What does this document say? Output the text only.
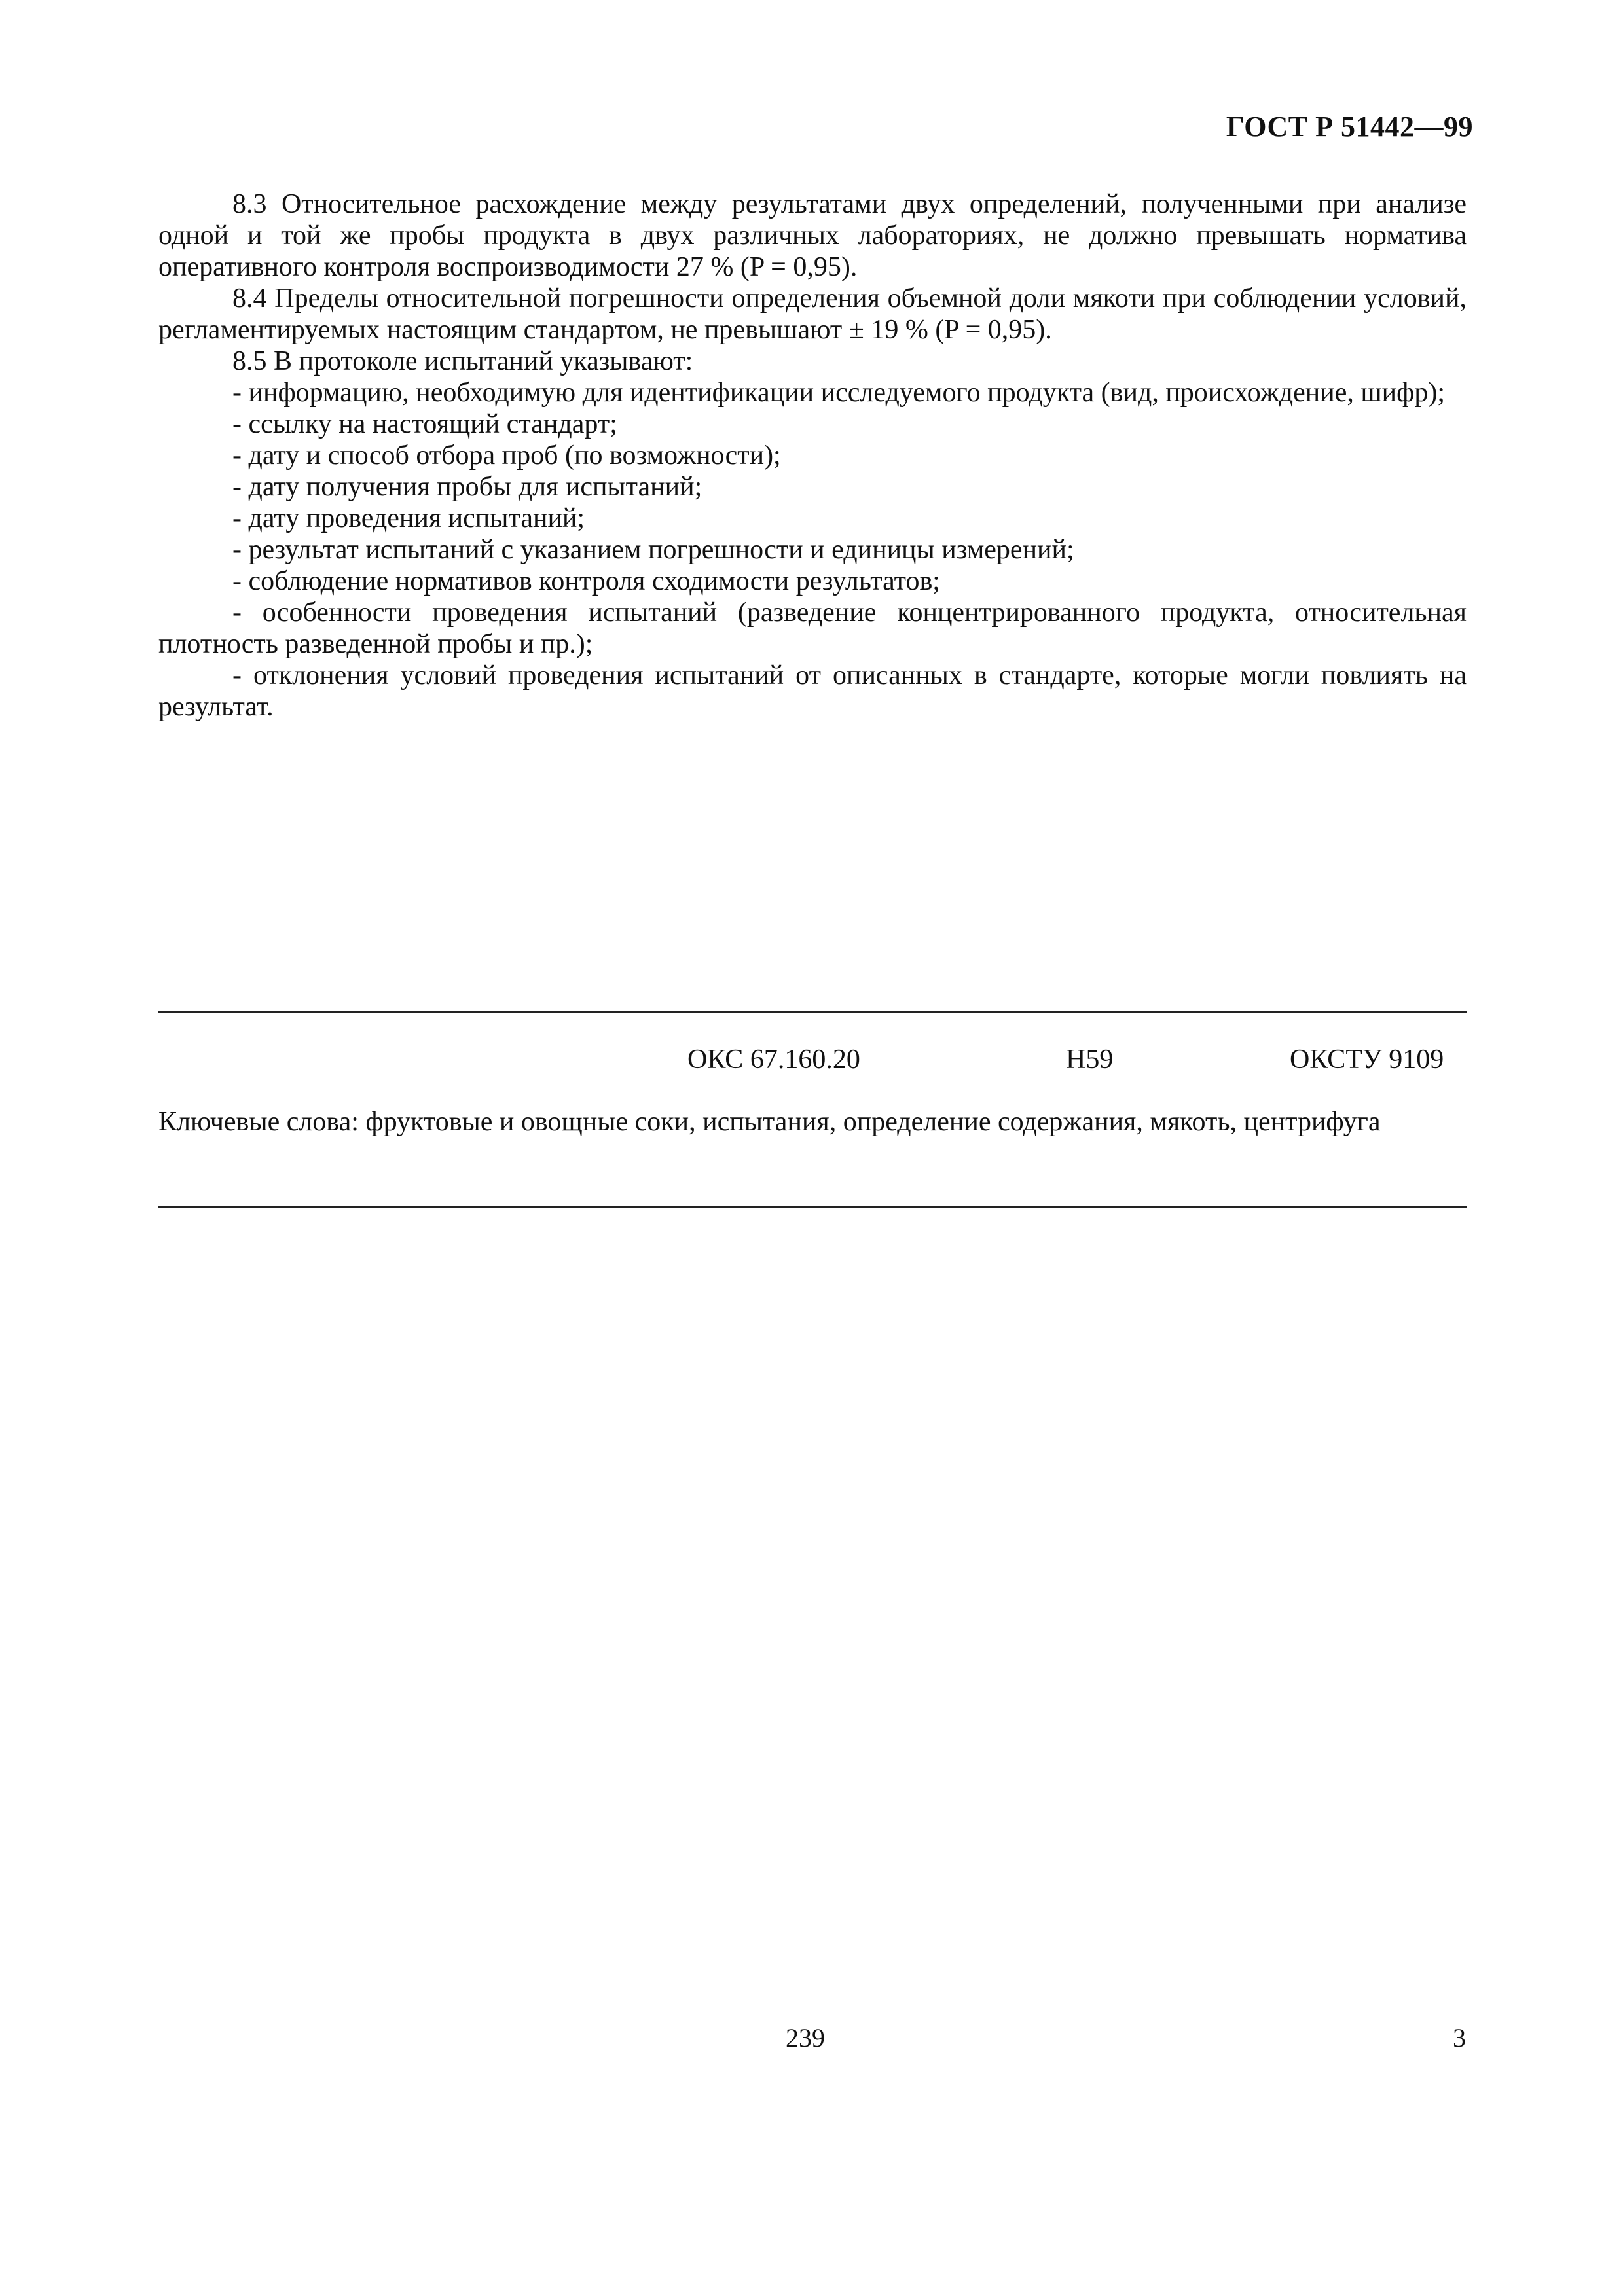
ГОСТ Р 51442—99

8.3 Относительное расхождение между результатами двух определений, полученными при анализе одной и той же пробы продукта в двух различных лабораториях, не должно превышать норматива оперативного контроля воспроизводимости 27 % (P = 0,95).

8.4 Пределы относительной погрешности определения объемной доли мякоти при соблюдении условий, регламентируемых настоящим стандартом, не превышают ± 19 % (P = 0,95).

8.5 В протоколе испытаний указывают:

- информацию, необходимую для идентификации исследуемого продукта (вид, происхождение, шифр);

- ссылку на настоящий стандарт;

- дату и способ отбора проб (по возможности);

- дату получения пробы для испытаний;

- дату проведения испытаний;

- результат испытаний с указанием погрешности и единицы измерений;

- соблюдение нормативов контроля сходимости результатов;

- особенности проведения испытаний (разведение концентрированного продукта, относительная плотность разведенной пробы и пр.);

- отклонения условий проведения испытаний от описанных в стандарте, которые могли повлиять на результат.

ОКС 67.160.20	Н59	ОКСТУ 9109
Ключевые слова: фруктовые и овощные соки, испытания, определение содержания, мякоть, центрифуга
239	3
